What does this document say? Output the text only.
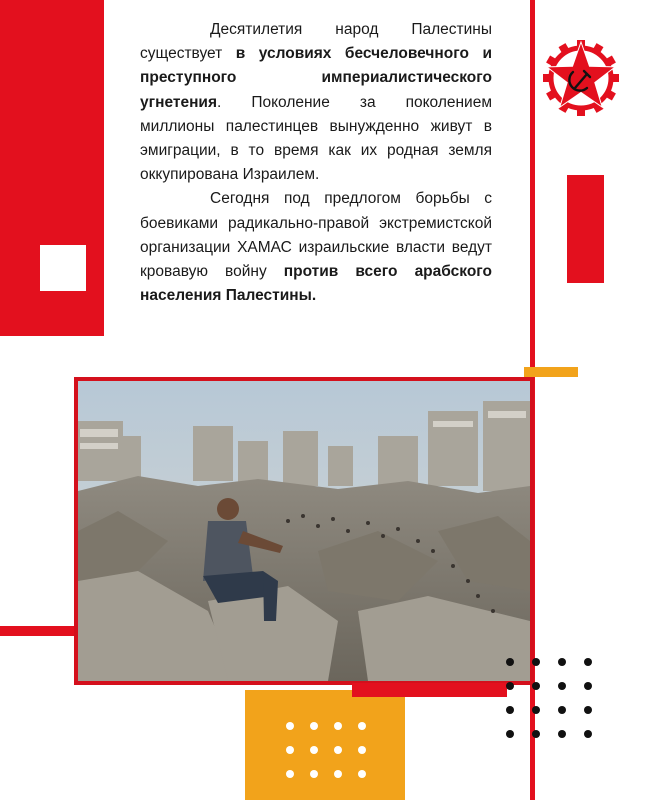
Десятилетия народ Палестины существует в условиях бесчеловечного и преступного империалистического угнетения. Поколение за поколением миллионы палестинцев вынужденно живут в эмиграции, в то время как их родная земля оккупирована Израилем.

Сегодня под предлогом борьбы с боевиками радикально-правой экстремистской организации ХАМАС израильские власти ведут кровавую войну против всего арабского населения Палестины.
